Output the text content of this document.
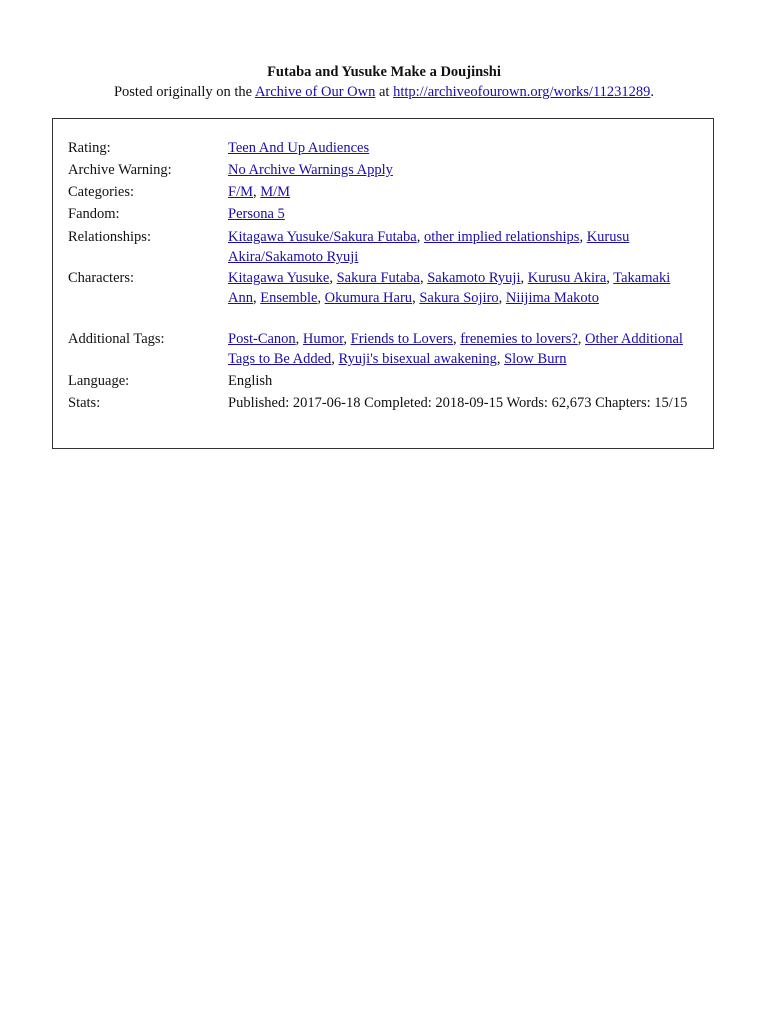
Futaba and Yusuke Make a Doujinshi
Posted originally on the Archive of Our Own at http://archiveofourown.org/works/11231289.
Rating:	Teen And Up Audiences
Archive Warning:	No Archive Warnings Apply
Categories:	F/M, M/M
Fandom:	Persona 5
Relationships:	Kitagawa Yusuke/Sakura Futaba, other implied relationships, Kurusu Akira/Sakamoto Ryuji
Characters:	Kitagawa Yusuke, Sakura Futaba, Sakamoto Ryuji, Kurusu Akira, Takamaki Ann, Ensemble, Okumura Haru, Sakura Sojiro, Niijima Makoto
Additional Tags:	Post-Canon, Humor, Friends to Lovers, frenemies to lovers?, Other Additional Tags to Be Added, Ryuji's bisexual awakening, Slow Burn
Language:	English
Stats:	Published: 2017-06-18 Completed: 2018-09-15 Words: 62,673 Chapters: 15/15
